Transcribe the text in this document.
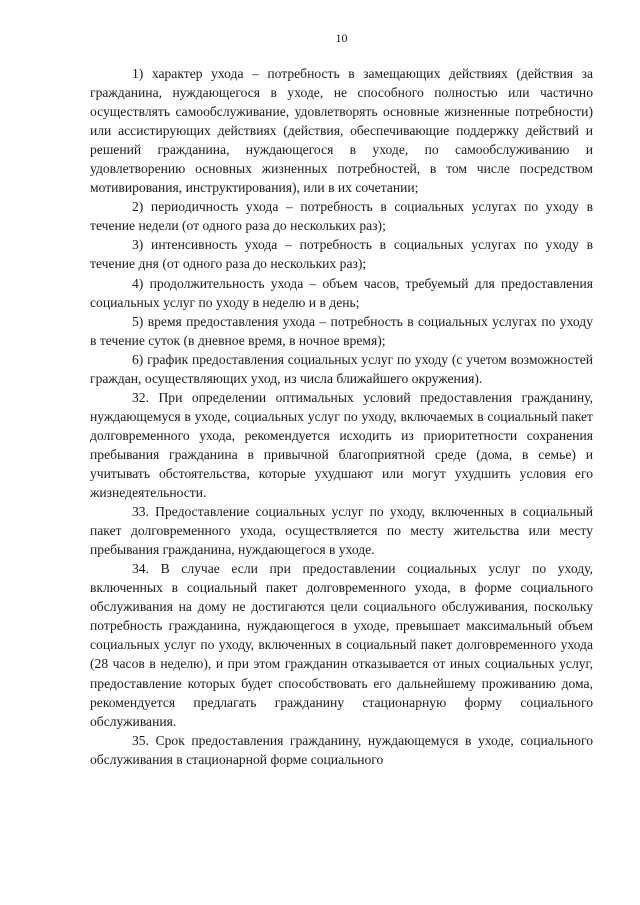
10

1) характер ухода – потребность в замещающих действиях (действия за гражданина, нуждающегося в уходе, не способного полностью или частично осуществлять самообслуживание, удовлетворять основные жизненные потребности) или ассистирующих действиях (действия, обеспечивающие поддержку действий и решений гражданина, нуждающегося в уходе, по самообслуживанию и удовлетворению основных жизненных потребностей, в том числе посредством мотивирования, инструктирования), или в их сочетании;

2) периодичность ухода – потребность в социальных услугах по уходу в течение недели (от одного раза до нескольких раз);

3) интенсивность ухода – потребность в социальных услугах по уходу в течение дня (от одного раза до нескольких раз);

4) продолжительность ухода – объем часов, требуемый для предоставления социальных услуг по уходу в неделю и в день;

5) время предоставления ухода – потребность в социальных услугах по уходу в течение суток (в дневное время, в ночное время);

6) график предоставления социальных услуг по уходу (с учетом возможностей граждан, осуществляющих уход, из числа ближайшего окружения).

32. При определении оптимальных условий предоставления гражданину, нуждающемуся в уходе, социальных услуг по уходу, включаемых в социальный пакет долговременного ухода, рекомендуется исходить из приоритетности сохранения пребывания гражданина в привычной благоприятной среде (дома, в семье) и учитывать обстоятельства, которые ухудшают или могут ухудшить условия его жизнедеятельности.

33. Предоставление социальных услуг по уходу, включенных в социальный пакет долговременного ухода, осуществляется по месту жительства или месту пребывания гражданина, нуждающегося в уходе.

34. В случае если при предоставлении социальных услуг по уходу, включенных в социальный пакет долговременного ухода, в форме социального обслуживания на дому не достигаются цели социального обслуживания, поскольку потребность гражданина, нуждающегося в уходе, превышает максимальный объем социальных услуг по уходу, включенных в социальный пакет долговременного ухода (28 часов в неделю), и при этом гражданин отказывается от иных социальных услуг, предоставление которых будет способствовать его дальнейшему проживанию дома, рекомендуется предлагать гражданину стационарную форму социального обслуживания.

35. Срок предоставления гражданину, нуждающемуся в уходе, социального обслуживания в стационарной форме социального
